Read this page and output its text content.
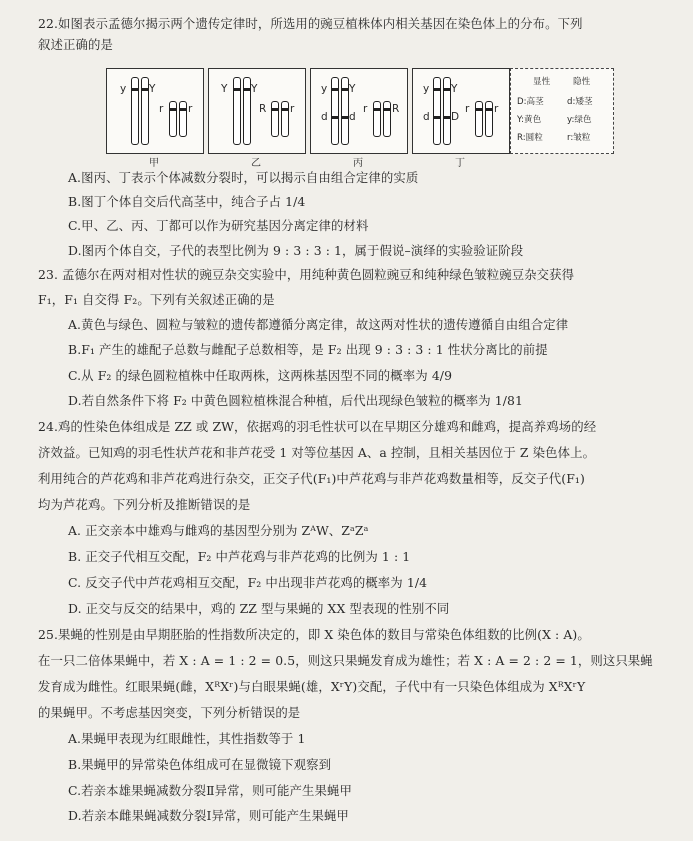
22.如图表示孟德尔揭示两个遗传定律时，所选用的豌豆植株体内相关基因在染色体上的分布。下列
叙述正确的是
y Y
r r
甲
Y Y
R r
乙
y Y
d d
r R
丙
y Y
d D
r r
丁
显性	隐性
D:高茎	d:矮茎
Y:黄色	y:绿色
R:圆粒	r:皱粒
A.图丙、丁表示个体减数分裂时，可以揭示自由组合定律的实质
B.图丁个体自交后代高茎中，纯合子占 1/4
C.甲、乙、丙、丁都可以作为研究基因分离定律的材料
D.图丙个体自交，子代的表型比例为 9 : 3 : 3 : 1，属于假说–演绎的实验验证阶段
23. 孟德尔在两对相对性状的豌豆杂交实验中，用纯种黄色圆粒豌豆和纯种绿色皱粒豌豆杂交获得
F₁，F₁ 自交得 F₂。下列有关叙述正确的是
A.黄色与绿色、圆粒与皱粒的遗传都遵循分离定律，故这两对性状的遗传遵循自由组合定律
B.F₁ 产生的雄配子总数与雌配子总数相等，是 F₂ 出现 9 : 3 : 3 : 1 性状分离比的前提
C.从 F₂ 的绿色圆粒植株中任取两株，这两株基因型不同的概率为 4/9
D.若自然条件下将 F₂ 中黄色圆粒植株混合种植，后代出现绿色皱粒的概率为 1/81
24.鸡的性染色体组成是 ZZ 或 ZW，依据鸡的羽毛性状可以在早期区分雄鸡和雌鸡，提高养鸡场的经
济效益。已知鸡的羽毛性状芦花和非芦花受 1 对等位基因 A、a 控制，且相关基因位于 Z 染色体上。
利用纯合的芦花鸡和非芦花鸡进行杂交，正交子代(F₁)中芦花鸡与非芦花鸡数量相等，反交子代(F₁)
均为芦花鸡。下列分析及推断错误的是
A. 正交亲本中雄鸡与雌鸡的基因型分别为 ZᴬW、ZᵃZᵃ
B. 正交子代相互交配，F₂ 中芦花鸡与非芦花鸡的比例为 1 : 1
C. 反交子代中芦花鸡相互交配，F₂ 中出现非芦花鸡的概率为 1/4
D. 正交与反交的结果中，鸡的 ZZ 型与果蝇的 XX 型表现的性别不同
25.果蝇的性别是由早期胚胎的性指数所决定的，即 X 染色体的数目与常染色体组数的比例(X : A)。
在一只二倍体果蝇中，若 X : A = 1 : 2 = 0.5，则这只果蝇发育成为雄性；若 X : A = 2 : 2 = 1，则这只果蝇
发育成为雌性。红眼果蝇(雌，XᴿXʳ)与白眼果蝇(雄，XʳY)交配，子代中有一只染色体组成为 XᴿXʳY
的果蝇甲。不考虑基因突变，下列分析错误的是
A.果蝇甲表现为红眼雌性，其性指数等于 1
B.果蝇甲的异常染色体组成可在显微镜下观察到
C.若亲本雄果蝇减数分裂Ⅱ异常，则可能产生果蝇甲
D.若亲本雌果蝇减数分裂Ⅰ异常，则可能产生果蝇甲
